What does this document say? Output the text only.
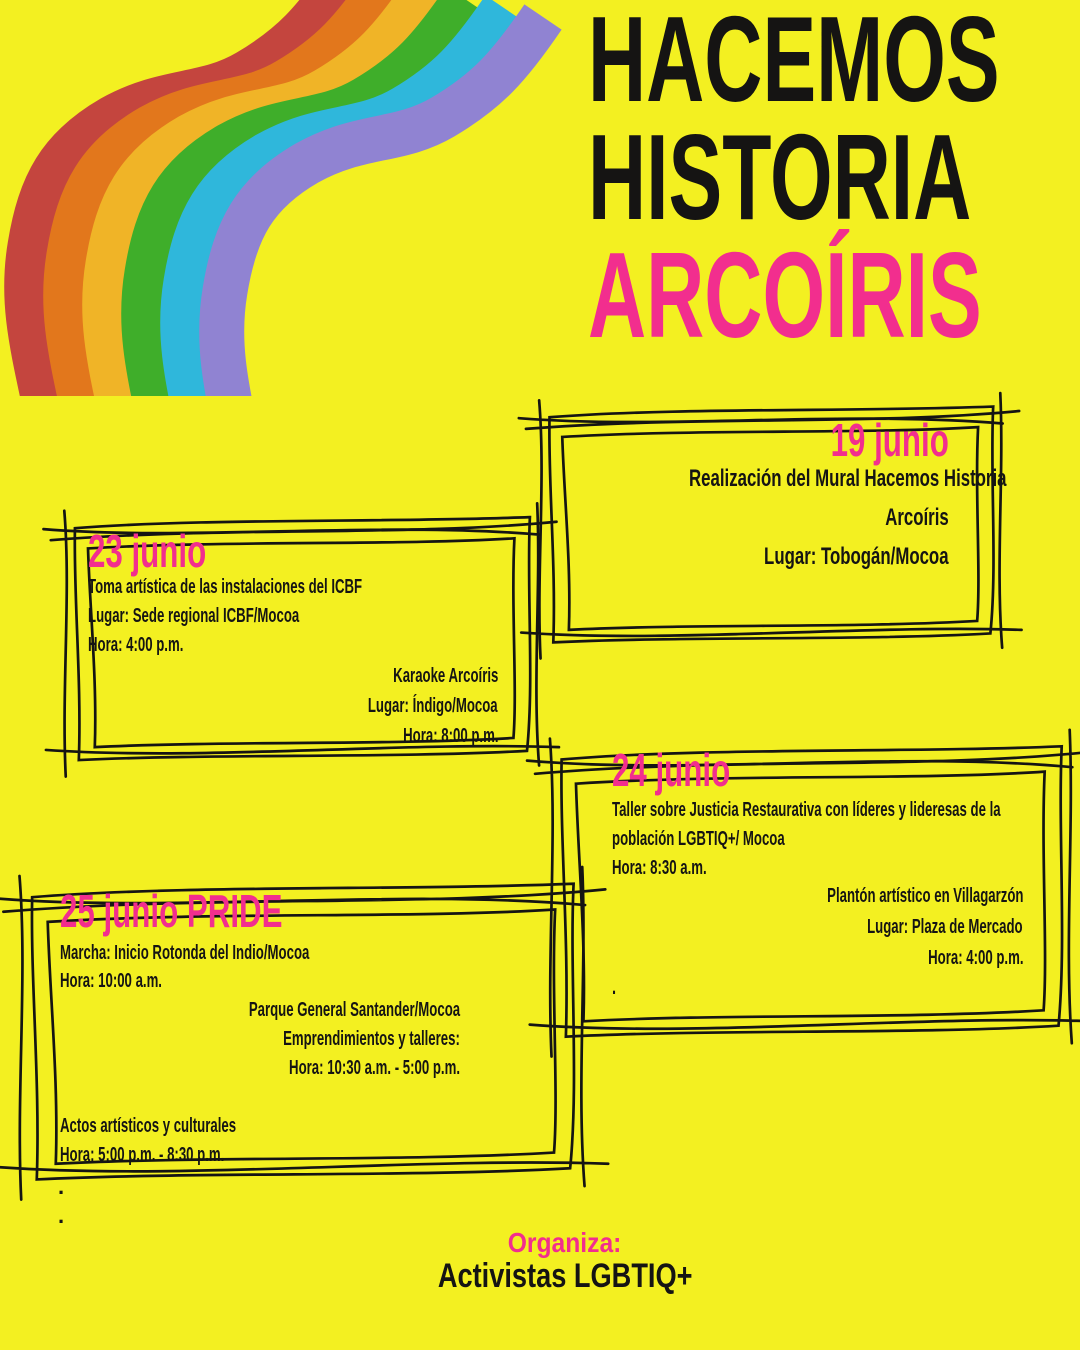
HACEMOS
HISTORIA
ARCOÍRIS
19 junio
Realización del Mural Hacemos Historia
Arcoíris
Lugar: Tobogán/Mocoa
23 junio
Toma artística de las instalaciones del ICBF
Lugar: Sede regional ICBF/Mocoa
Hora: 4:00 p.m.
Karaoke Arcoíris
Lugar: Índigo/Mocoa
Hora: 8:00 p.m.
24 junio
Taller sobre Justicia Restaurativa con líderes y lideresas de la
población LGBTIQ+/ Mocoa
Hora: 8:30 a.m.
Plantón artístico en Villagarzón
Lugar: Plaza de Mercado
Hora: 4:00 p.m.
.
25 junio PRIDE
Marcha: Inicio Rotonda del Indio/Mocoa
Hora: 10:00 a.m.
Parque General Santander/Mocoa
Emprendimientos y talleres:
Hora: 10:30 a.m. - 5:00 p.m.
Actos artísticos y culturales
Hora: 5:00 p.m. - 8:30 p.m.
.
.
Organiza:
Activistas LGBTIQ+
